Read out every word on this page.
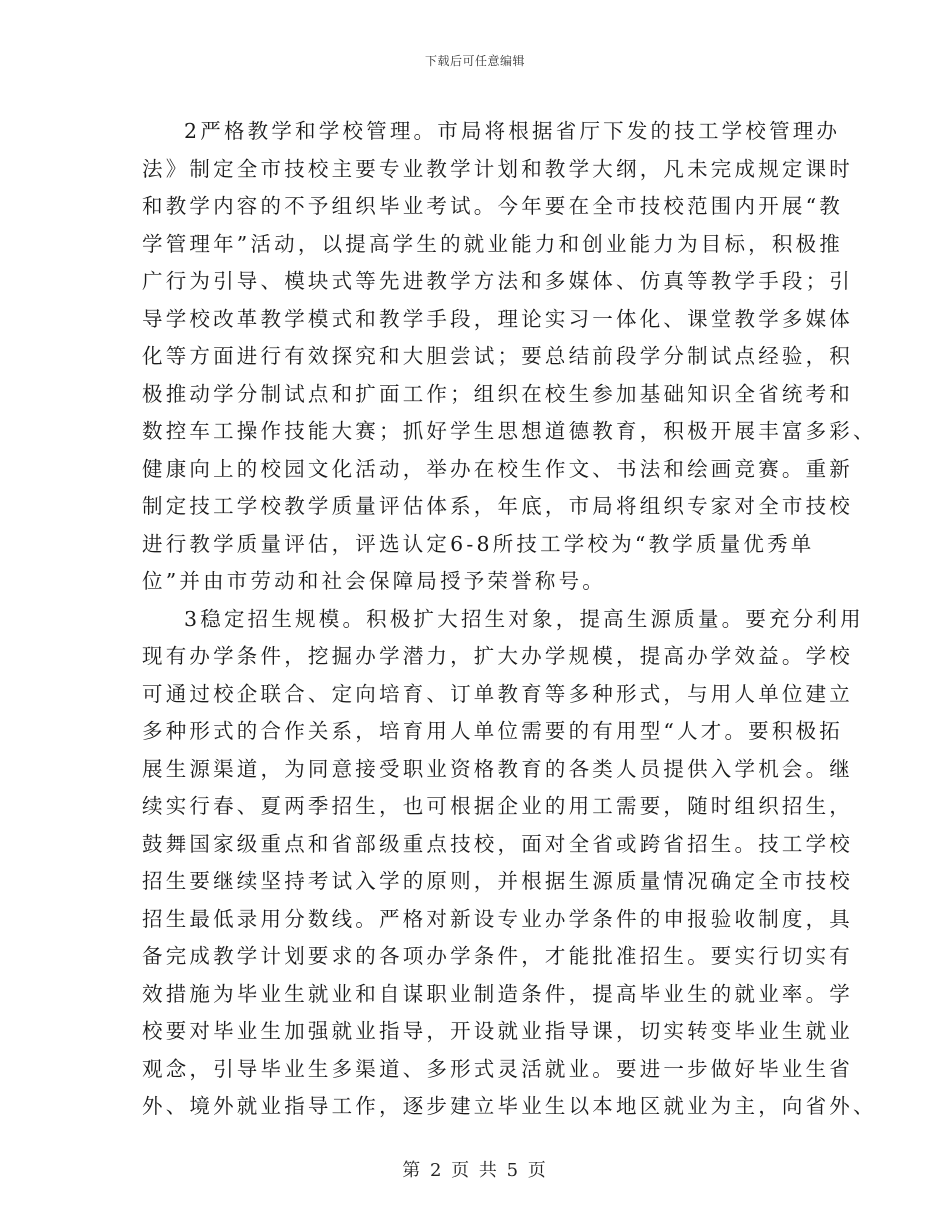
下载后可任意编辑
2严格教学和学校管理。市局将根据省厅下发的技工学校管理办
法》制定全市技校主要专业教学计划和教学大纲，凡未完成规定课时
和教学内容的不予组织毕业考试。今年要在全市技校范围内开展“教
学管理年”活动，以提高学生的就业能力和创业能力为目标，积极推
广行为引导、模块式等先进教学方法和多媒体、仿真等教学手段；引
导学校改革教学模式和教学手段，理论实习一体化、课堂教学多媒体
化等方面进行有效探究和大胆尝试；要总结前段学分制试点经验，积
极推动学分制试点和扩面工作；组织在校生参加基础知识全省统考和
数控车工操作技能大赛；抓好学生思想道德教育，积极开展丰富多彩、
健康向上的校园文化活动，举办在校生作文、书法和绘画竞赛。重新
制定技工学校教学质量评估体系，年底，市局将组织专家对全市技校
进行教学质量评估，评选认定6-8所技工学校为“教学质量优秀单
位”并由市劳动和社会保障局授予荣誉称号。
3稳定招生规模。积极扩大招生对象，提高生源质量。要充分利用
现有办学条件，挖掘办学潜力，扩大办学规模，提高办学效益。学校
可通过校企联合、定向培育、订单教育等多种形式，与用人单位建立
多种形式的合作关系，培育用人单位需要的有用型“人才。要积极拓
展生源渠道，为同意接受职业资格教育的各类人员提供入学机会。继
续实行春、夏两季招生，也可根据企业的用工需要，随时组织招生，
鼓舞国家级重点和省部级重点技校，面对全省或跨省招生。技工学校
招生要继续坚持考试入学的原则，并根据生源质量情况确定全市技校
招生最低录用分数线。严格对新设专业办学条件的申报验收制度，具
备完成教学计划要求的各项办学条件，才能批准招生。要实行切实有
效措施为毕业生就业和自谋职业制造条件，提高毕业生的就业率。学
校要对毕业生加强就业指导，开设就业指导课，切实转变毕业生就业
观念，引导毕业生多渠道、多形式灵活就业。要进一步做好毕业生省
外、境外就业指导工作，逐步建立毕业生以本地区就业为主，向省外、
第 2 页 共 5 页
